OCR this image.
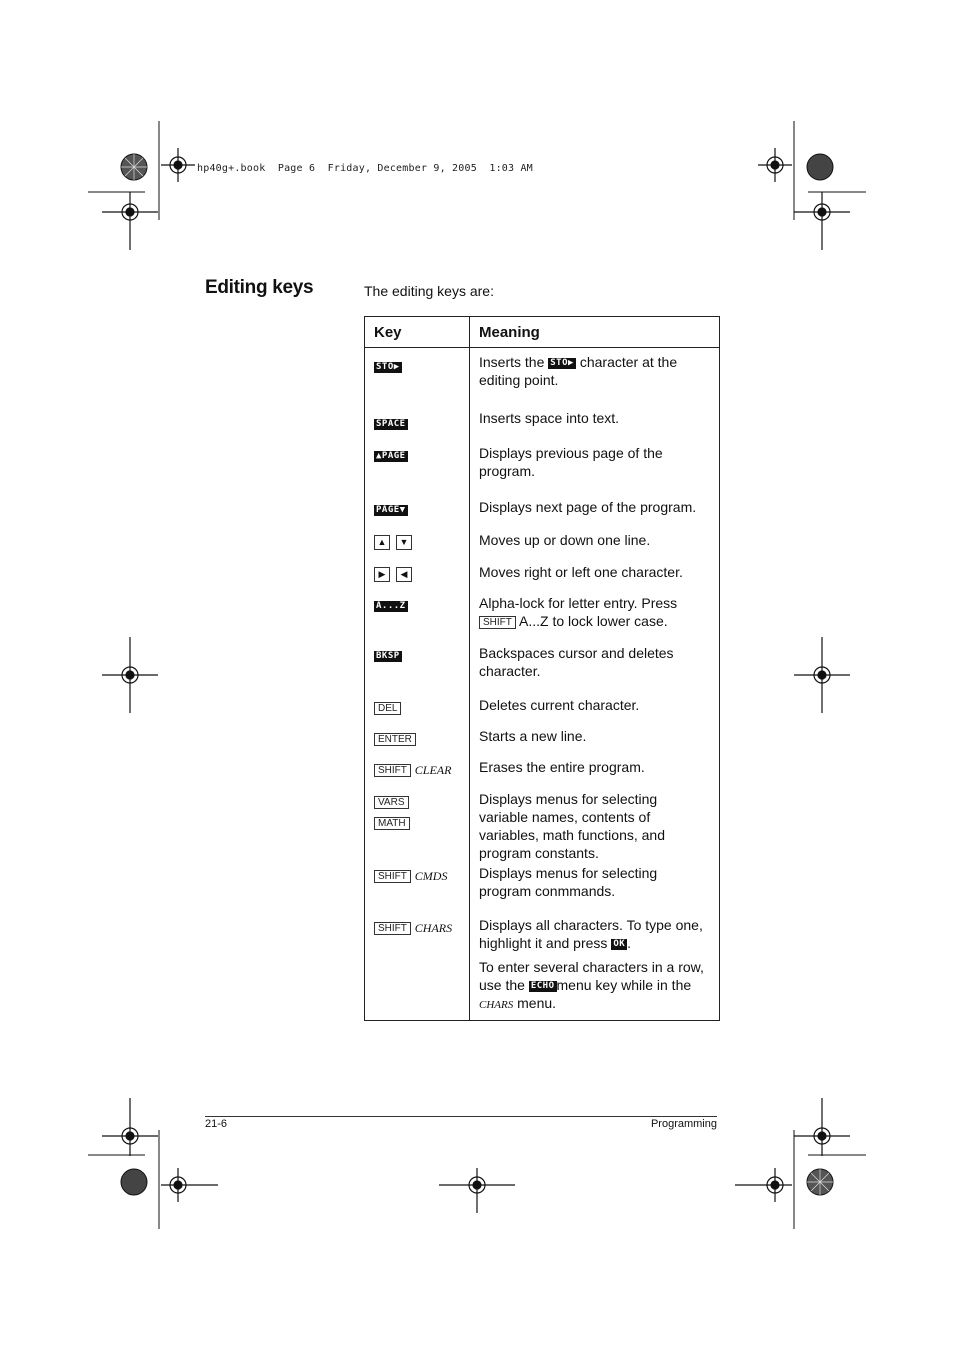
hp40g+.book  Page 6  Friday, December 9, 2005  1:03 AM
Editing keys	The editing keys are:
Key	Meaning
STO▶	Inserts the STO▶ character at the editing point.
SPACE	Inserts space into text.
▲PAGE	Displays previous page of the program.
PAGE▼	Displays next page of the program.
▲ ▼	Moves up or down one line.
▶ ◀	Moves right or left one character.
A...Z	Alpha-lock for letter entry. Press
SHIFT A...Z to lock lower case.
BKSP	Backspaces cursor and deletes character.
DEL	Deletes current character.
ENTER	Starts a new line.
SHIFT CLEAR	Erases the entire program.
VARS
MATH	Displays menus for selecting variable names, contents of variables, math functions, and program constants.
SHIFT CMDS	Displays menus for selecting program conmmands.
SHIFT CHARS	Displays all characters. To type one, highlight it and press OK .
To enter several characters in a row, use the ECHO menu key while in the
CHARS menu.
21-6	Programming
